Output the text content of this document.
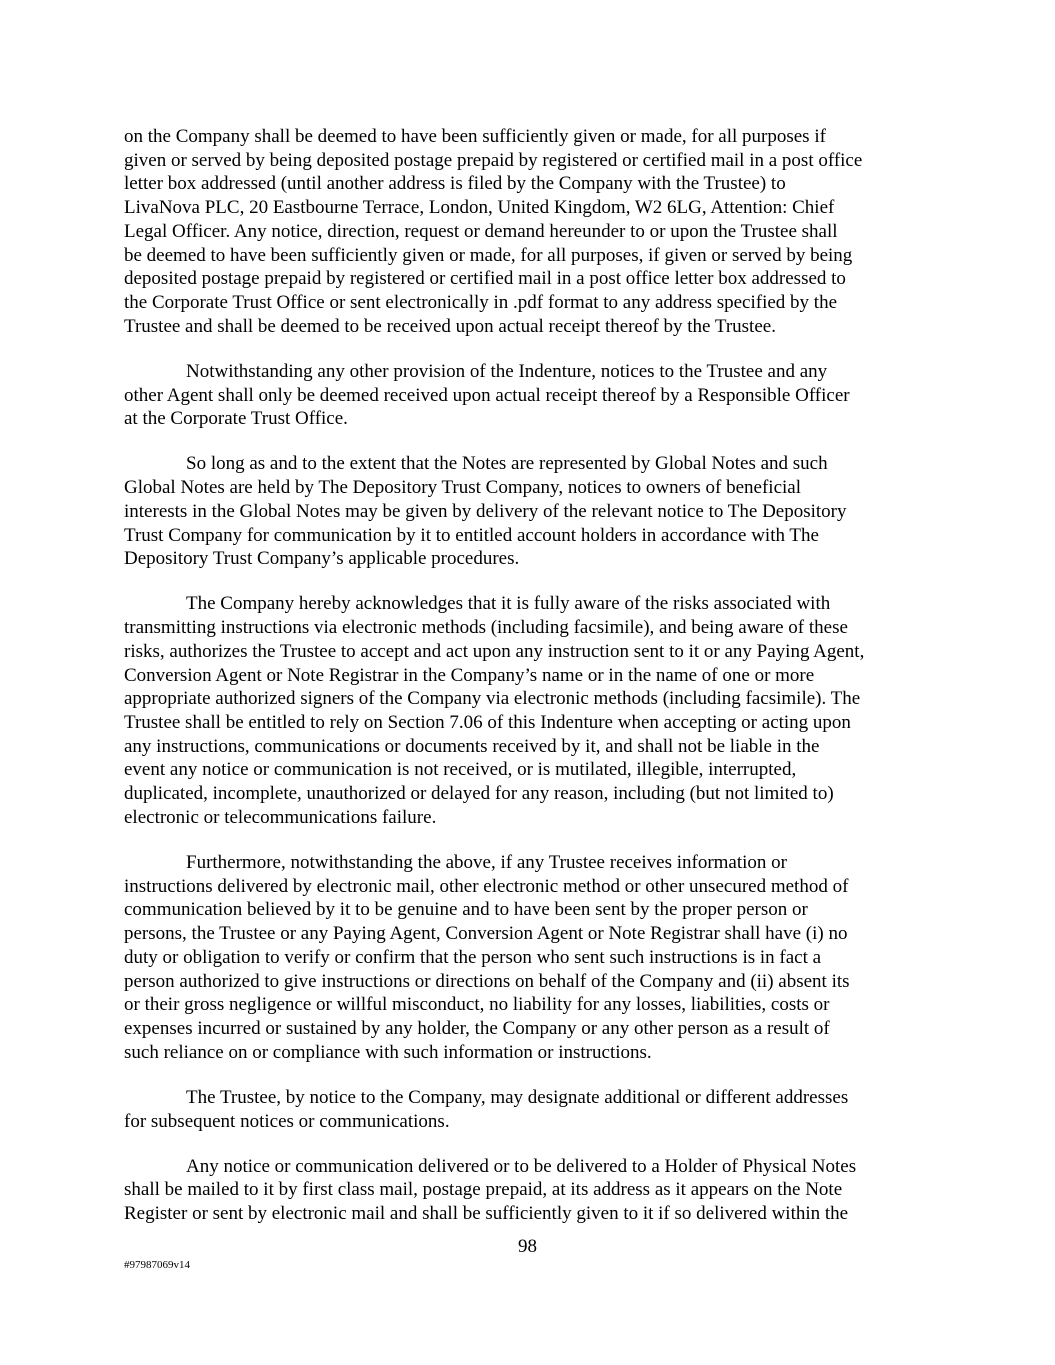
on the Company shall be deemed to have been sufficiently given or made, for all purposes if
given or served by being deposited postage prepaid by registered or certified mail in a post office
letter box addressed (until another address is filed by the Company with the Trustee) to
LivaNova PLC, 20 Eastbourne Terrace, London, United Kingdom, W2 6LG, Attention: Chief
Legal Officer. Any notice, direction, request or demand hereunder to or upon the Trustee shall
be deemed to have been sufficiently given or made, for all purposes, if given or served by being
deposited postage prepaid by registered or certified mail in a post office letter box addressed to
the Corporate Trust Office or sent electronically in .pdf format to any address specified by the
Trustee and shall be deemed to be received upon actual receipt thereof by the Trustee.
Notwithstanding any other provision of the Indenture, notices to the Trustee and any
other Agent shall only be deemed received upon actual receipt thereof by a Responsible Officer
at the Corporate Trust Office.
So long as and to the extent that the Notes are represented by Global Notes and such
Global Notes are held by The Depository Trust Company, notices to owners of beneficial
interests in the Global Notes may be given by delivery of the relevant notice to The Depository
Trust Company for communication by it to entitled account holders in accordance with The
Depository Trust Company’s applicable procedures.
The Company hereby acknowledges that it is fully aware of the risks associated with
transmitting instructions via electronic methods (including facsimile), and being aware of these
risks, authorizes the Trustee to accept and act upon any instruction sent to it or any Paying Agent,
Conversion Agent or Note Registrar in the Company’s name or in the name of one or more
appropriate authorized signers of the Company via electronic methods (including facsimile). The
Trustee shall be entitled to rely on Section 7.06 of this Indenture when accepting or acting upon
any instructions, communications or documents received by it, and shall not be liable in the
event any notice or communication is not received, or is mutilated, illegible, interrupted,
duplicated, incomplete, unauthorized or delayed for any reason, including (but not limited to)
electronic or telecommunications failure.
Furthermore, notwithstanding the above, if any Trustee receives information or
instructions delivered by electronic mail, other electronic method or other unsecured method of
communication believed by it to be genuine and to have been sent by the proper person or
persons, the Trustee or any Paying Agent, Conversion Agent or Note Registrar shall have (i) no
duty or obligation to verify or confirm that the person who sent such instructions is in fact a
person authorized to give instructions or directions on behalf of the Company and (ii) absent its
or their gross negligence or willful misconduct, no liability for any losses, liabilities, costs or
expenses incurred or sustained by any holder, the Company or any other person as a result of
such reliance on or compliance with such information or instructions.
The Trustee, by notice to the Company, may designate additional or different addresses
for subsequent notices or communications.
Any notice or communication delivered or to be delivered to a Holder of Physical Notes
shall be mailed to it by first class mail, postage prepaid, at its address as it appears on the Note
Register or sent by electronic mail and shall be sufficiently given to it if so delivered within the
98
#97987069v14
